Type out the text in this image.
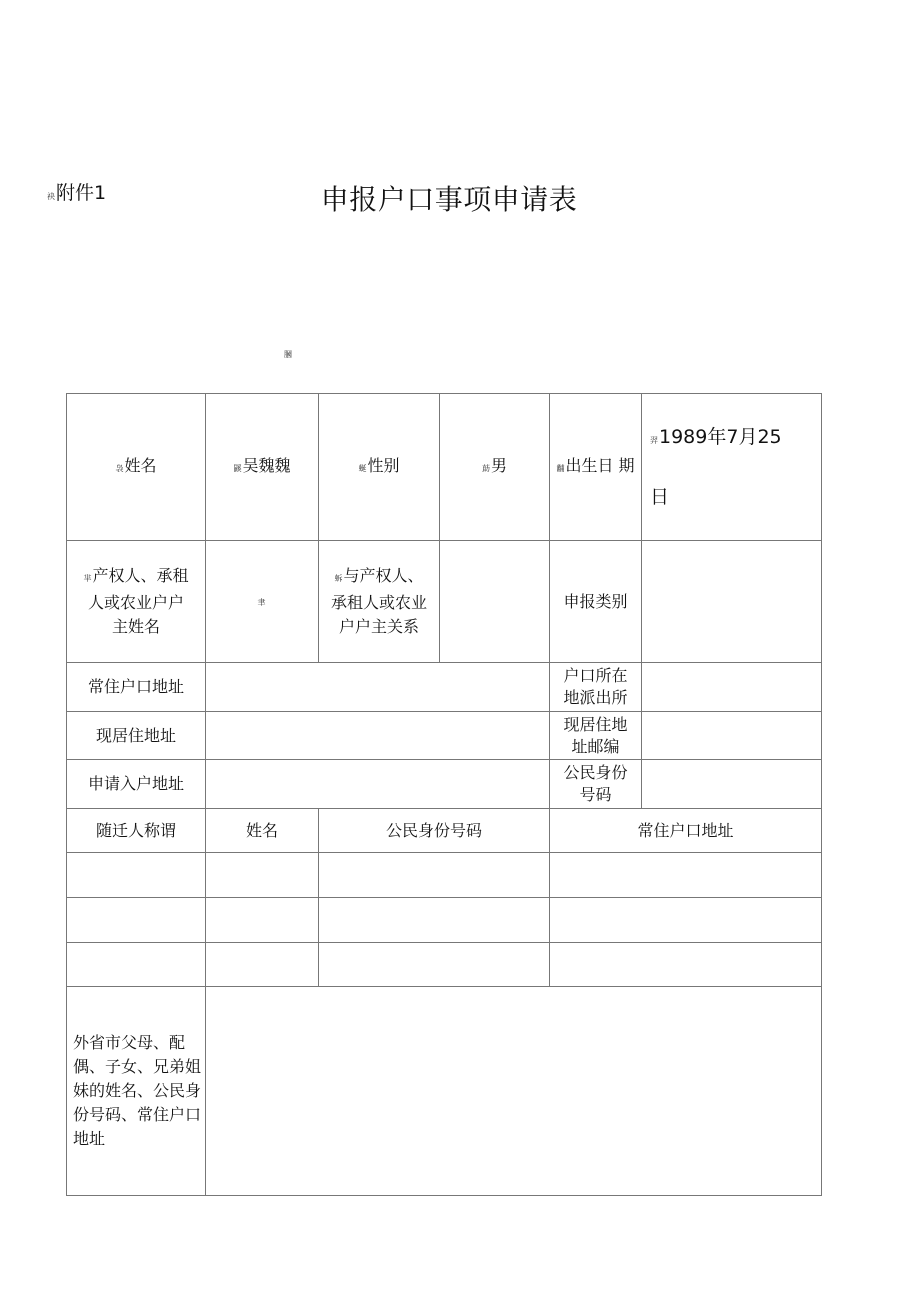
袂附件1	申报户口事项申请表
膕
袅姓名	鼷吴魏魏	蜒性别	莇男	黼出生日 期	羿1989年7月25

日
芈产权人、承租人或农业户户主姓名	聿	蚸与产权人、承租人或农业户户主关系		申报类别	
常住户口地址				户口所在地派出所	
现居住地址				现居住地址邮编	
申请入户地址				公民身份号码	
随迁人称谓	姓名	公民身份号码		常住户口地址	

外省市父母、配偶、子女、兄弟姐妹的姓名、公民身份号码、常住户口地址					
